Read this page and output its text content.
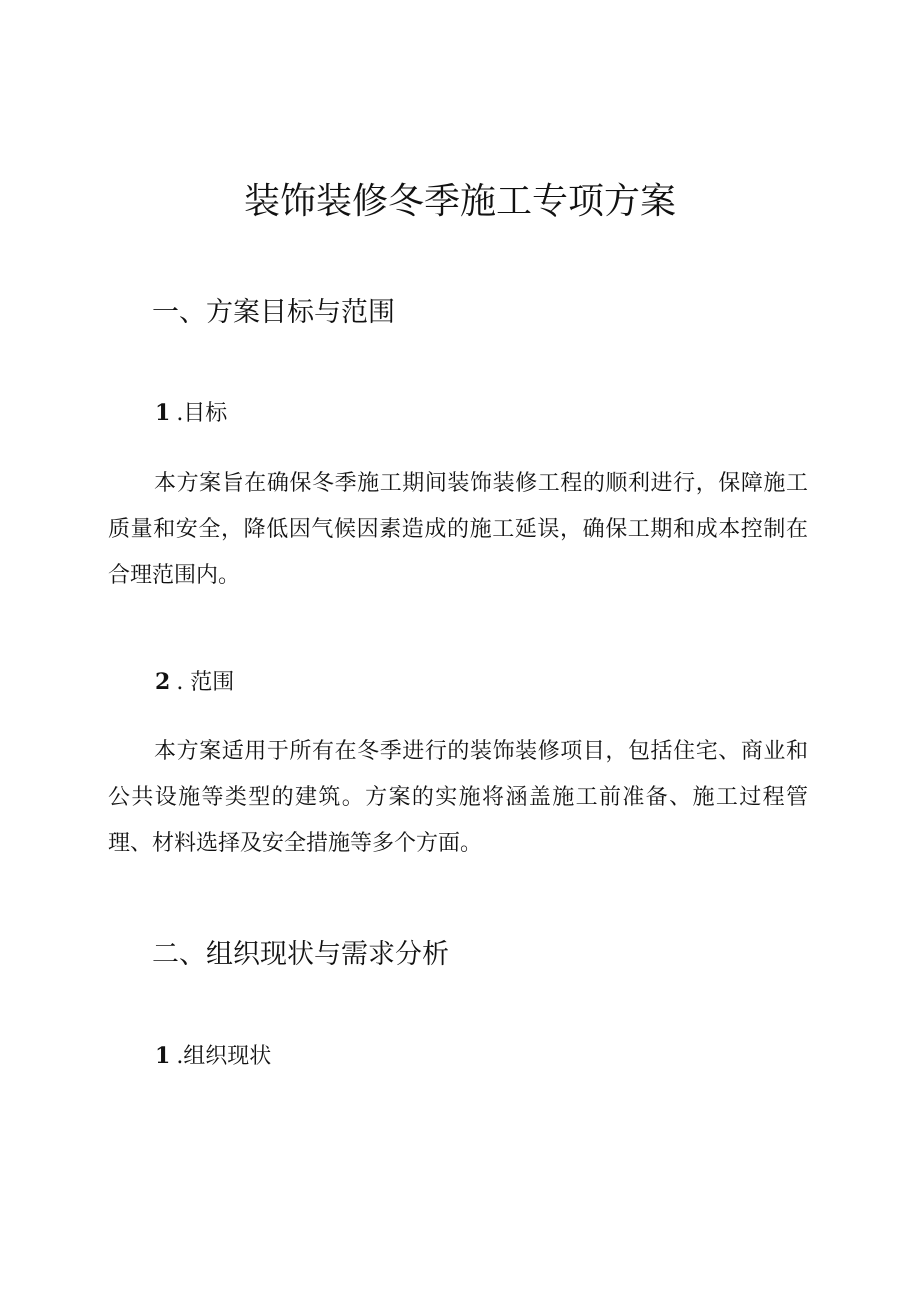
装饰装修冬季施工专项方案
一、方案目标与范围
1 .目标

本方案旨在确保冬季施工期间装饰装修工程的顺利进行，保障施工质量和安全，降低因气候因素造成的施工延误，确保工期和成本控制在合理范围内。

2 . 范围

本方案适用于所有在冬季进行的装饰装修项目，包括住宅、商业和公共设施等类型的建筑。方案的实施将涵盖施工前准备、施工过程管理、材料选择及安全措施等多个方面。

二、组织现状与需求分析
1 .组织现状
